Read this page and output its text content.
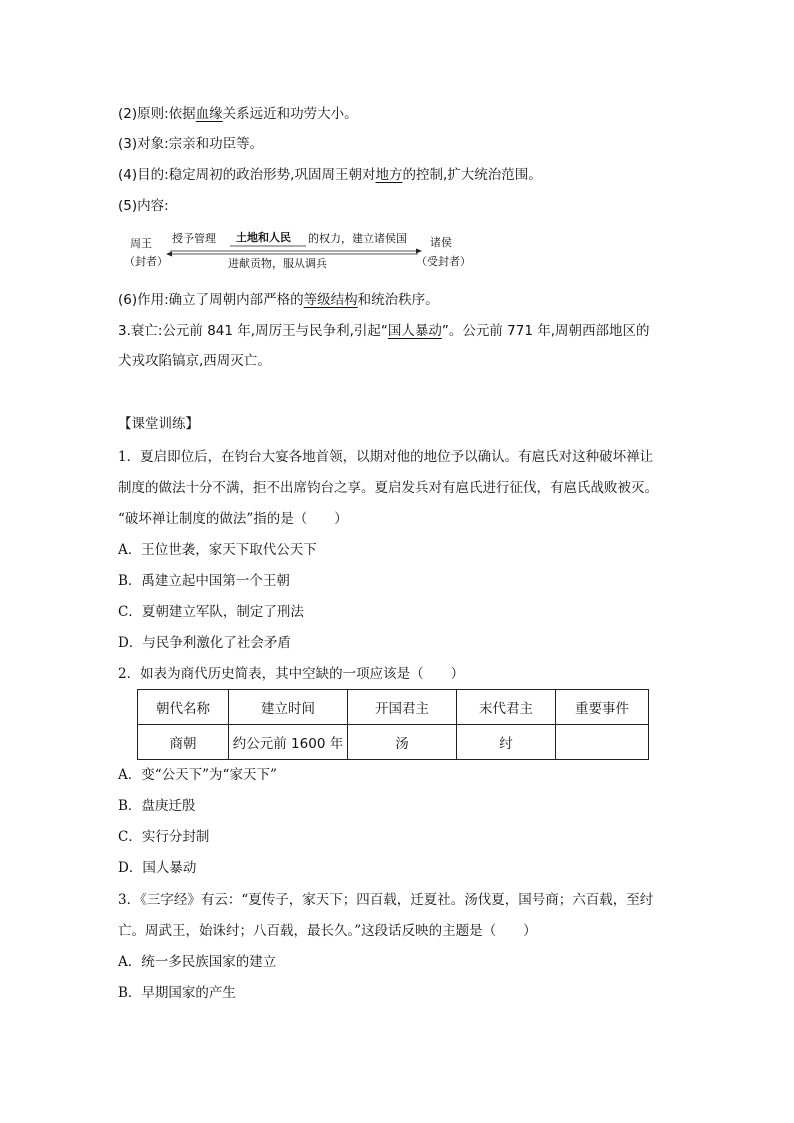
(2)原则:依据血缘关系远近和功劳大小。
(3)对象:宗亲和功臣等。
(4)目的:稳定周初的政治形势,巩固周王朝对地方的控制,扩大统治范围。
(5)内容:
周王
（封者）
授予管理 土地和人民 的权力，建立诸侯国
进献贡物，服从调兵
诸侯
（受封者）
(6)作用:确立了周朝内部严格的等级结构和统治秩序。
3.衰亡:公元前 841 年,周厉王与民争利,引起“国人暴动”。公元前 771 年,周朝西部地区的
犬戎攻陷镐京,西周灭亡。
【课堂训练】
1．夏启即位后，在钧台大宴各地首领，以期对他的地位予以确认。有扈氏对这种破坏禅让
制度的做法十分不满，拒不出席钧台之享。夏启发兵对有扈氏进行征伐，有扈氏战败被灭。
“破坏禅让制度的做法”指的是（　　）
A．王位世袭，家天下取代公天下
B．禹建立起中国第一个王朝
C．夏朝建立军队，制定了刑法
D．与民争利激化了社会矛盾
2．如表为商代历史简表，其中空缺的一项应该是（　　）
朝代名称	建立时间	开国君主	末代君主	重要事件
商朝	约公元前 1600 年	汤	纣	
A．变“公天下”为“家天下”
B．盘庚迁殷
C．实行分封制
D．国人暴动
3．《三字经》有云：“夏传子，家天下；四百载，迁夏社。汤伐夏，国号商；六百载，至纣
亡。周武王，始诛纣；八百载，最长久。”这段话反映的主题是（　　）
A．统一多民族国家的建立
B．早期国家的产生
